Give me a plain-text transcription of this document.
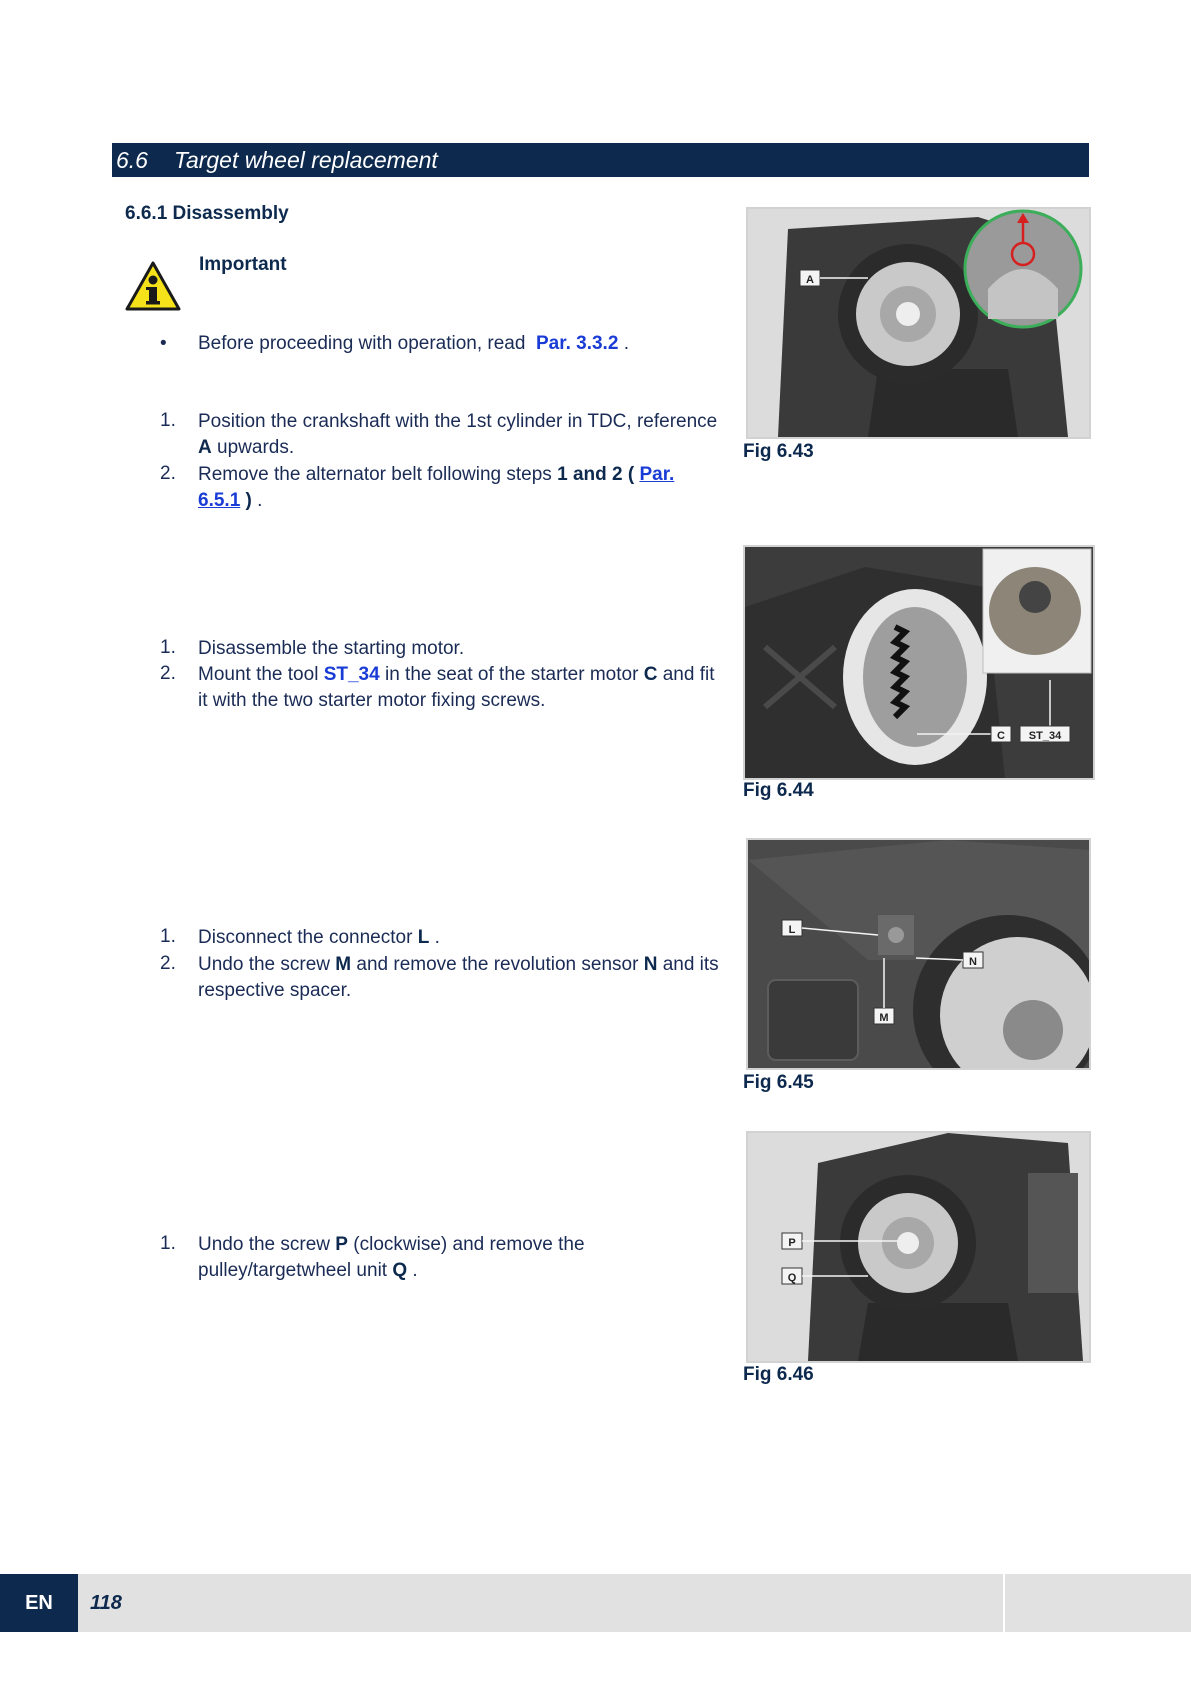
6.6 Target wheel replacement
6.6.1 Disassembly
Important
• Before proceeding with operation, read Par. 3.3.2 .
1. Position the crankshaft with the 1st cylinder in TDC, reference A upwards.
2. Remove the alternator belt following steps 1 and 2 ( Par. 6.5.1 ) .
1. Disassemble the starting motor.
2. Mount the tool ST_34 in the seat of the starter motor C and fit it with the two starter motor fixing screws.
1. Disconnect the connector L .
2. Undo the screw M and remove the revolution sensor N and its respective spacer.
1. Undo the screw P (clockwise) and remove the pulley/targetwheel unit Q .
A
Fig 6.43
C ST_34
Fig 6.44
L
N
M
Fig 6.45
P
Q
Fig 6.46
EN	118
